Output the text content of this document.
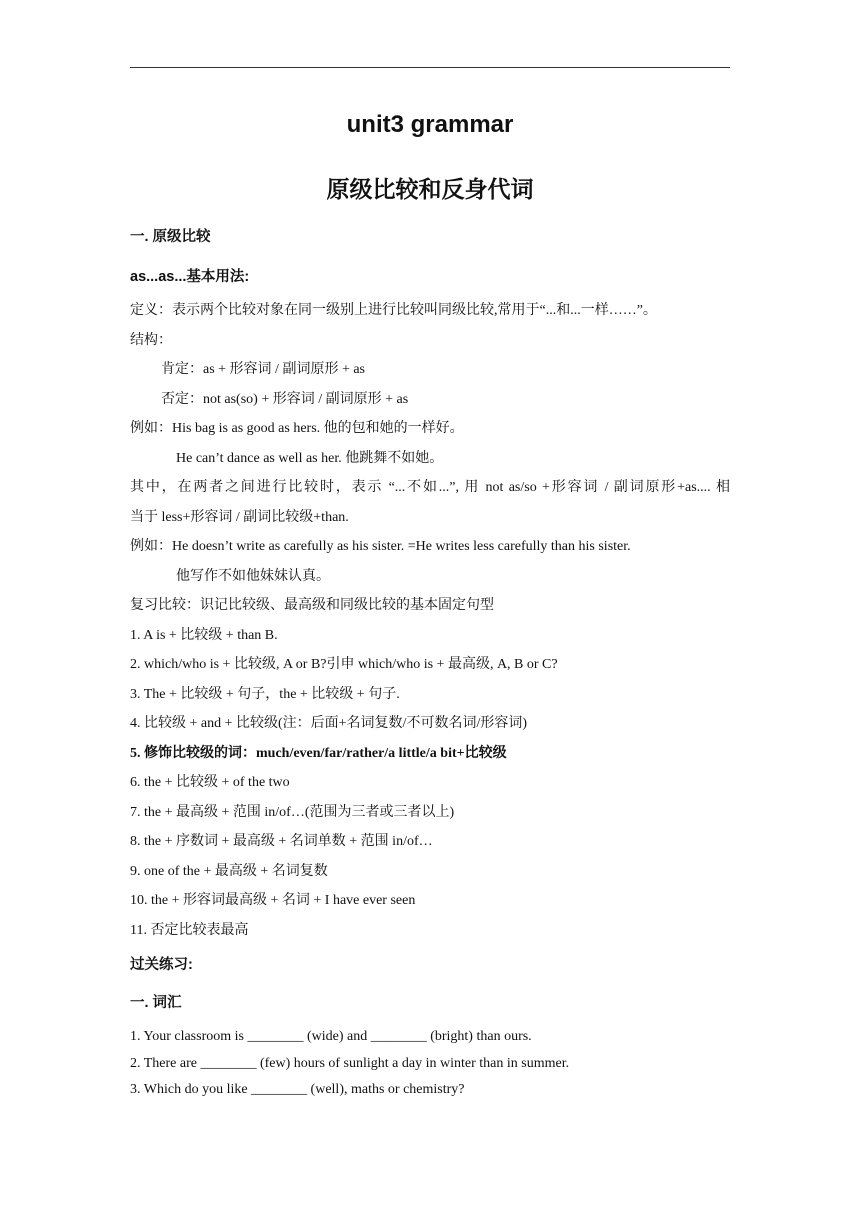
unit3 grammar
原级比较和反身代词
一. 原级比较
as...as...基本用法:
定义：表示两个比较对象在同一级别上进行比较叫同级比较,常用于“...和...一样……”。
结构：
肯定：as + 形容词 / 副词原形 + as
否定：not as(so) + 形容词 / 副词原形 + as
例如：His bag is as good as hers. 他的包和她的一样好。
He can’t dance as well as her. 他跳舞不如她。
其中，在两者之间进行比较时，表示 “...不如...”, 用 not as/so +形容词 / 副词原形+as.... 相
当于 less+形容词 / 副词比较级+than.
例如：He doesn’t write as carefully as his sister. =He writes less carefully than his sister.
他写作不如他妹妹认真。
复习比较：识记比较级、最高级和同级比较的基本固定句型
1. A is + 比较级 + than B.
2. which/who is + 比较级, A or B?引申 which/who is + 最高级, A, B or C?
3. The + 比较级 + 句子，the + 比较级 + 句子.
4. 比较级 + and + 比较级(注：后面+名词复数/不可数名词/形容词)
5. 修饰比较级的词：much/even/far/rather/a little/a bit+比较级
6. the + 比较级 + of the two
7. the + 最高级 + 范围 in/of…(范围为三者或三者以上)
8. the + 序数词 + 最高级 + 名词单数 + 范围 in/of…
9. one of the + 最高级 + 名词复数
10. the + 形容词最高级 + 名词 + I have ever seen
11. 否定比较表最高
过关练习:
一. 词汇
1. Your classroom is ________ (wide) and ________ (bright) than ours.
2. There are ________ (few) hours of sunlight a day in winter than in summer.
3. Which do you like ________ (well), maths or chemistry?
